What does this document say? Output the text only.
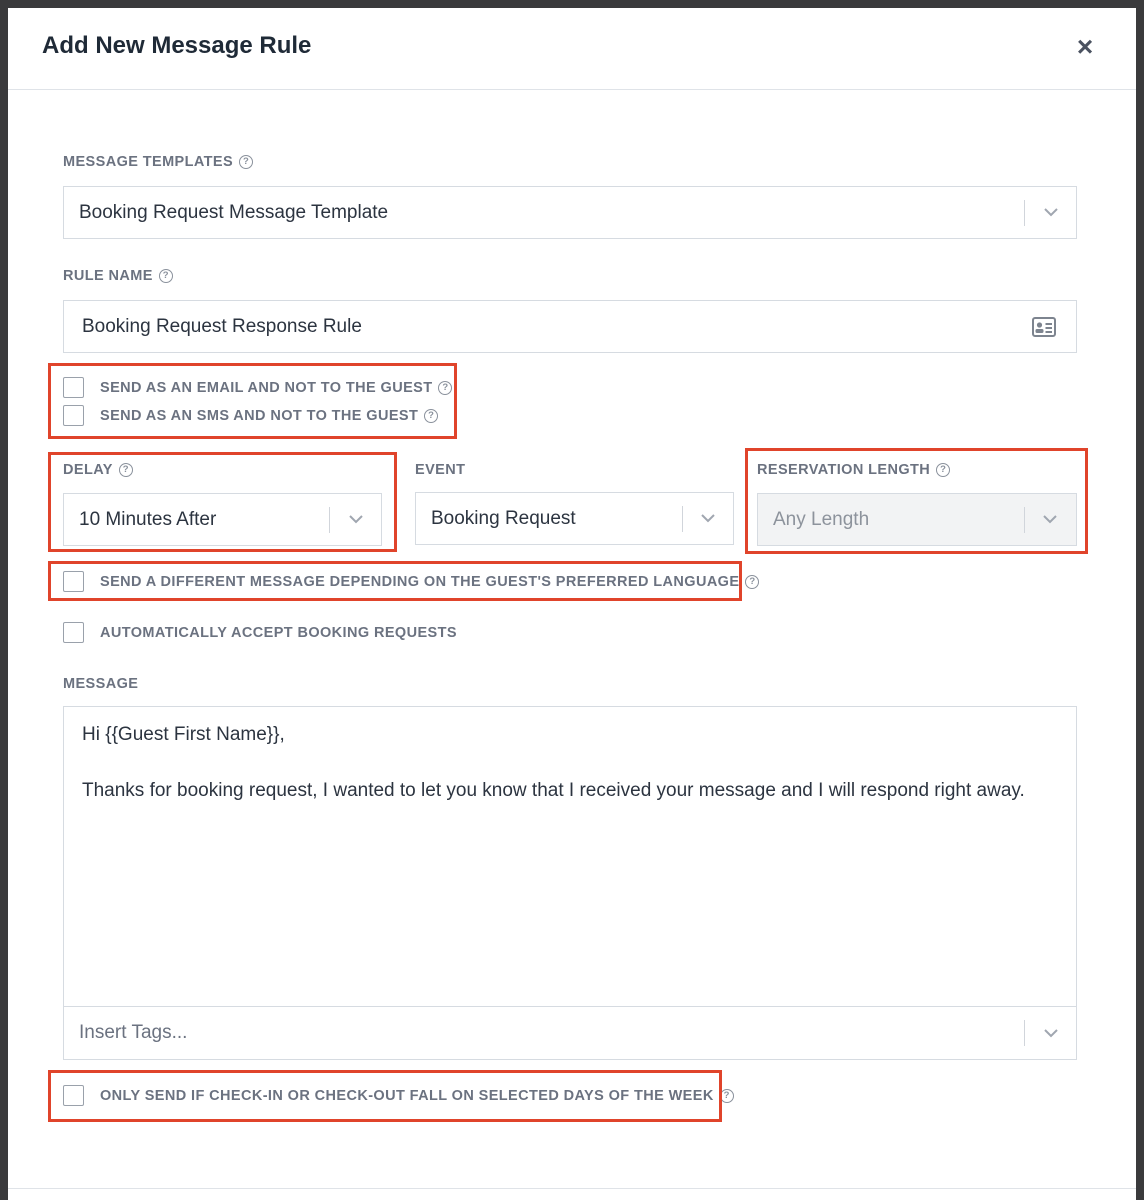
Add New Message Rule	×
MESSAGE TEMPLATES	?
Booking Request Message Template
RULE NAME	?
Booking Request Response Rule
SEND AS AN EMAIL AND NOT TO THE GUEST	?
SEND AS AN SMS AND NOT TO THE GUEST	?
DELAY	?
10 Minutes After
EVENT
Booking Request
RESERVATION LENGTH	?
Any Length
SEND A DIFFERENT MESSAGE DEPENDING ON THE GUEST'S PREFERRED LANGUAGE	?
AUTOMATICALLY ACCEPT BOOKING REQUESTS
MESSAGE

Hi {{Guest First Name}},

Thanks for booking request, I wanted to let you know that I received your message and I will respond right away.

Insert Tags...
ONLY SEND IF CHECK-IN OR CHECK-OUT FALL ON SELECTED DAYS OF THE WEEK	?
